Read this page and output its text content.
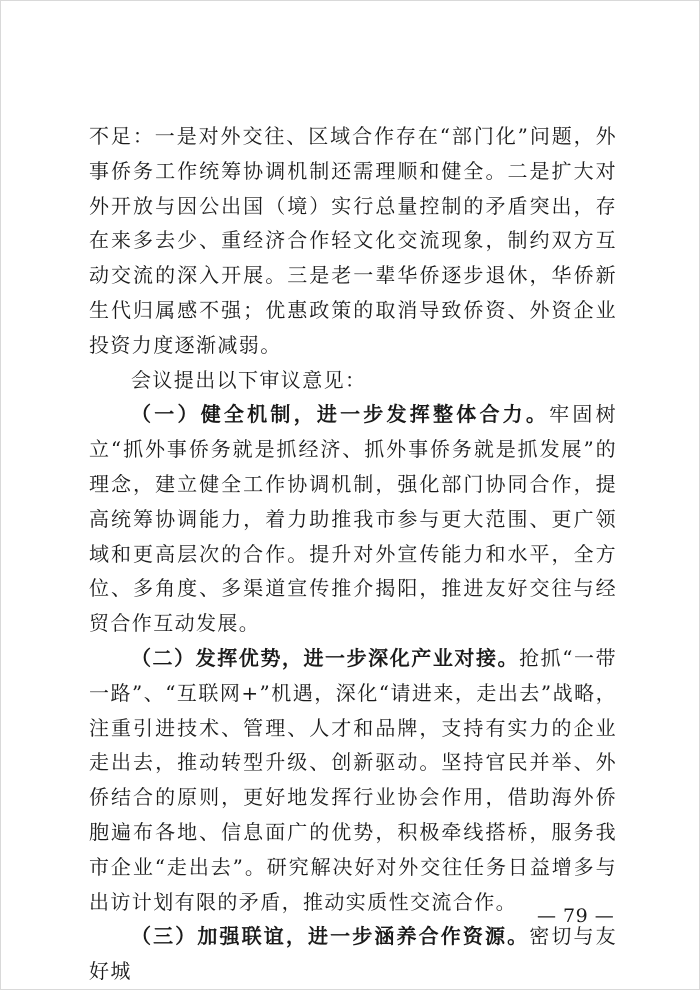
不足：一是对外交往、区域合作存在“部门化”问题，外事侨务工作统筹协调机制还需理顺和健全。二是扩大对外开放与因公出国（境）实行总量控制的矛盾突出，存在来多去少、重经济合作轻文化交流现象，制约双方互动交流的深入开展。三是老一辈华侨逐步退休，华侨新生代归属感不强；优惠政策的取消导致侨资、外资企业投资力度逐渐减弱。

会议提出以下审议意见：

（一）健全机制，进一步发挥整体合力。牢固树立“抓外事侨务就是抓经济、抓外事侨务就是抓发展”的理念，建立健全工作协调机制，强化部门协同合作，提高统筹协调能力，着力助推我市参与更大范围、更广领域和更高层次的合作。提升对外宣传能力和水平，全方位、多角度、多渠道宣传推介揭阳，推进友好交往与经贸合作互动发展。

（二）发挥优势，进一步深化产业对接。抢抓“一带一路”、“互联网+”机遇，深化“请进来，走出去”战略，注重引进技术、管理、人才和品牌，支持有实力的企业走出去，推动转型升级、创新驱动。坚持官民并举、外侨结合的原则，更好地发挥行业协会作用，借助海外侨胞遍布各地、信息面广的优势，积极牵线搭桥，服务我市企业“走出去”。研究解决好对外交往任务日益增多与出访计划有限的矛盾，推动实质性交流合作。

（三）加强联谊，进一步涵养合作资源。密切与友好城

— 79 —
